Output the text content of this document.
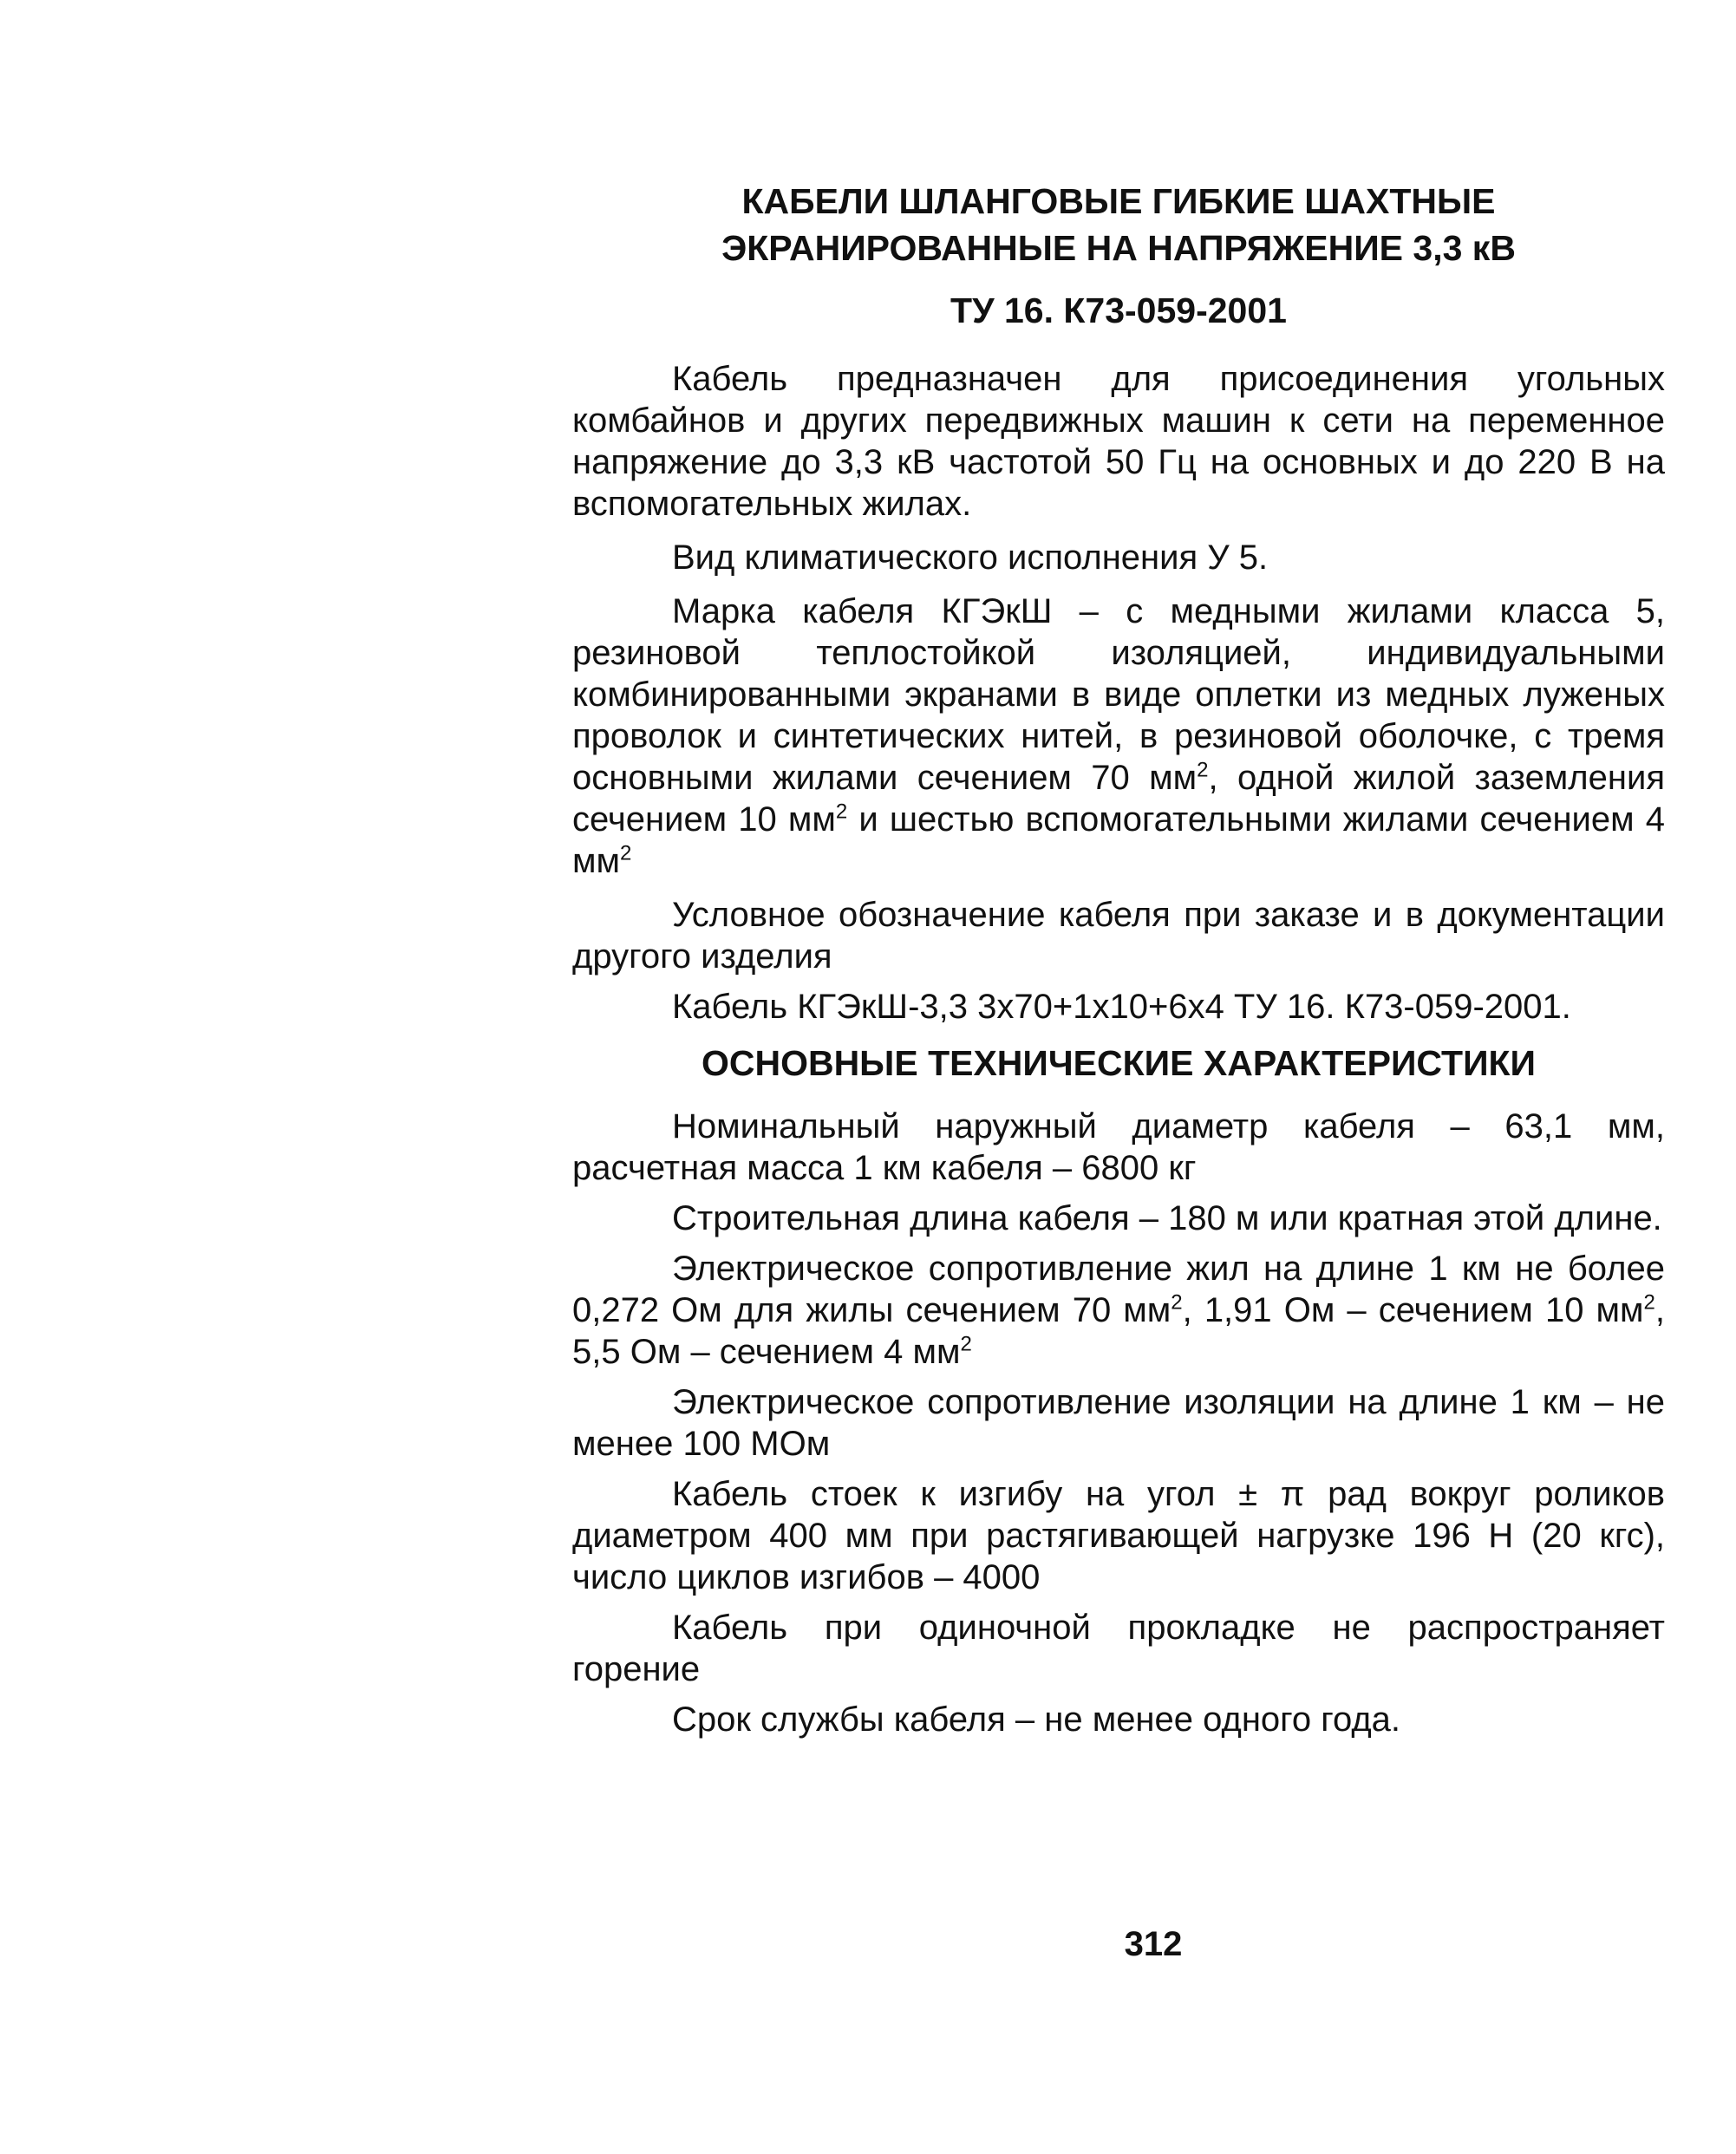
КАБЕЛИ ШЛАНГОВЫЕ ГИБКИЕ ШАХТНЫЕ
ЭКРАНИРОВАННЫЕ НА НАПРЯЖЕНИЕ 3,3 кВ
ТУ 16. К73-059-2001

Кабель предназначен для присоединения угольных комбайнов и других передвижных машин к сети на переменное напряжение до 3,3 кВ частотой 50 Гц на основных и до 220 В на вспомогательных жилах.

Вид климатического исполнения У 5.

Марка кабеля КГЭкШ – с медными жилами класса 5, резиновой теплостойкой изоляцией, индивидуальными комбинированными экранами в виде оплетки из медных луженых проволок и синтетических нитей, в резиновой оболочке, с тремя основными жилами сечением 70 $мм^2$, одной жилой заземления сечением 10 $мм^2$ и шестью вспомогательными жилами сечением 4 $мм^2$

Условное обозначение кабеля при заказе и в документации другого изделия

Кабель КГЭкШ-3,3 3х70+1х10+6х4 ТУ 16. К73-059-2001.

ОСНОВНЫЕ ТЕХНИЧЕСКИЕ ХАРАКТЕРИСТИКИ

Номинальный наружный диаметр кабеля – 63,1 мм, расчетная масса 1 км кабеля – 6800 кг

Строительная длина кабеля – 180 м или кратная этой длине.

Электрическое сопротивление жил на длине 1 км не более 0,272 Ом для жилы сечением 70 $мм^2$, 1,91 Ом – сечением 10 $мм^2$, 5,5 Ом – сечением 4 $мм^2$

Электрическое сопротивление изоляции на длине 1 км – не менее 100 МОм

Кабель стоек к изгибу на угол ± π рад вокруг роликов диаметром 400 мм при растягивающей нагрузке 196 Н (20 кгс), число циклов изгибов – 4000

Кабель при одиночной прокладке не распространяет горение

Срок службы кабеля – не менее одного года.

312
